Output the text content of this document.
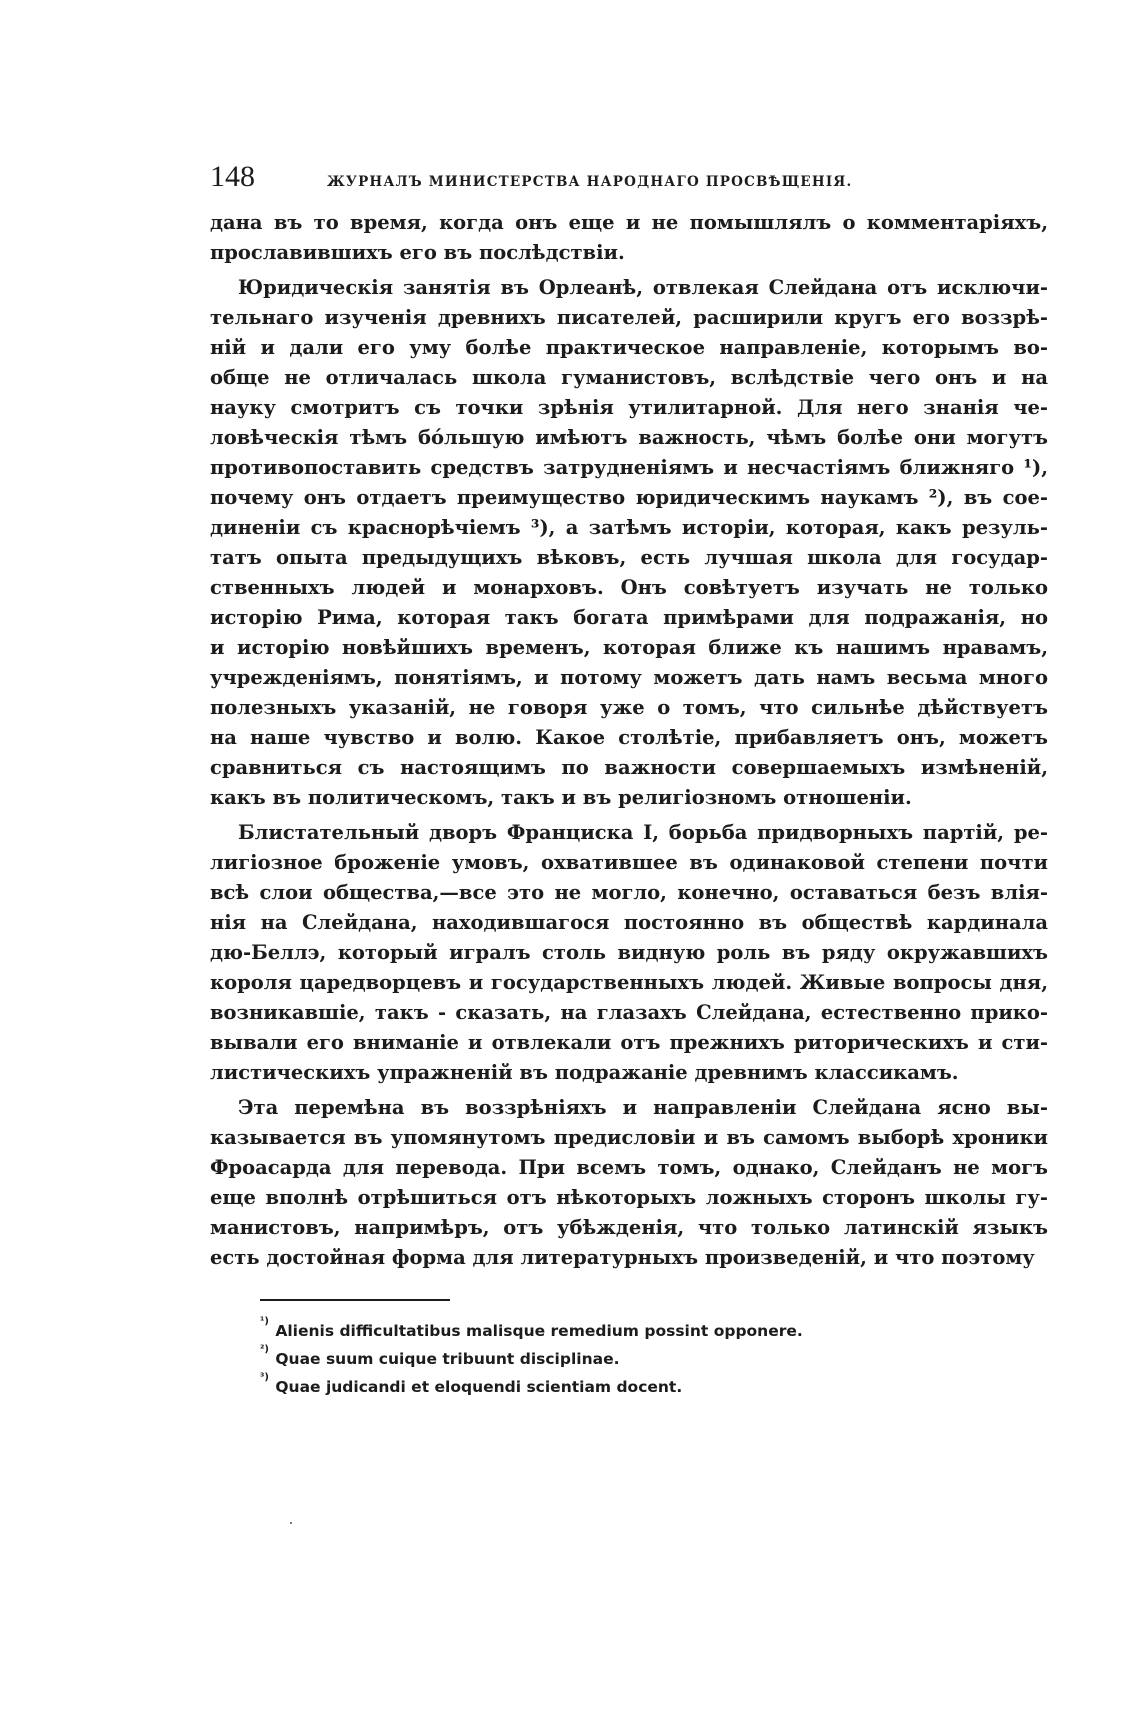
148	ЖУРНАЛЪ МИНИСТЕРСТВА НАРОДНАГО ПРОСВѢЩЕНІЯ.
дана въ то время, когда онъ еще и не помышлялъ о комментаріяхъ,
прославившихъ его въ послѣдствіи.
Юридическія занятія въ Орлеанѣ, отвлекая Слейдана отъ исключи-
тельнаго изученія древнихъ писателей, расширили кругъ его воззрѣ-
ній и дали его уму болѣе практическое направленіе, которымъ во-
обще не отличалась школа гуманистовъ, вслѣдствіе чего онъ и на
науку смотритъ съ точки зрѣнія утилитарной. Для него знанія че-
ловѣческія тѣмъ бóльшую имѣютъ важность, чѣмъ болѣе они могутъ
противопоставить средствъ затрудненіямъ и несчастіямъ ближняго ¹),
почему онъ отдаетъ преимущество юридическимъ наукамъ ²), въ сое-
диненіи съ краснорѣчіемъ ³), а затѣмъ исторіи, которая, какъ резуль-
татъ опыта предыдущихъ вѣковъ, есть лучшая школа для государ-
ственныхъ людей и монарховъ. Онъ совѣтуетъ изучать не только
исторію Рима, которая такъ богата примѣрами для подражанія, но
и исторію новѣйшихъ временъ, которая ближе къ нашимъ нравамъ,
учрежденіямъ, понятіямъ, и потому можетъ дать намъ весьма много
полезныхъ указаній, не говоря уже о томъ, что сильнѣе дѣйствуетъ
на наше чувство и волю. Какое столѣтіе, прибавляетъ онъ, можетъ
сравниться съ настоящимъ по важности совершаемыхъ измѣненій,
какъ въ политическомъ, такъ и въ религіозномъ отношеніи.
Блистательный дворъ Франциска I, борьба придворныхъ партій, ре-
лигіозное броженіе умовъ, охватившее въ одинаковой степени почти
всѣ слои общества,—все это не могло, конечно, оставаться безъ влія-
нія на Слейдана, находившагося постоянно въ обществѣ кардинала
дю-Беллэ, который игралъ столь видную роль въ ряду окружавшихъ
короля царедворцевъ и государственныхъ людей. Живые вопросы дня,
возникавшіе, такъ - сказать, на глазахъ Слейдана, естественно прико-
вывали его вниманіе и отвлекали отъ прежнихъ риторическихъ и сти-
листическихъ упражненій въ подражаніе древнимъ классикамъ.
Эта перемѣна въ воззрѣніяхъ и направленіи Слейдана ясно вы-
казывается въ упомянутомъ предисловіи и въ самомъ выборѣ хроники
Фроасарда для перевода. При всемъ томъ, однако, Слейданъ не могъ
еще вполнѣ отрѣшиться отъ нѣкоторыхъ ложныхъ сторонъ школы гу-
манистовъ, напримѣръ, отъ убѣжденія, что только латинскій языкъ
есть достойная форма для литературныхъ произведеній, и что поэтому
$^{^1)}$ Alienis difficultatibus malisque remedium possint opponere.
$^{^2)}$ Quae suum cuique tribuunt disciplinae.
$^{^3)}$ Quae judicandi et eloquendi scientiam docent.
